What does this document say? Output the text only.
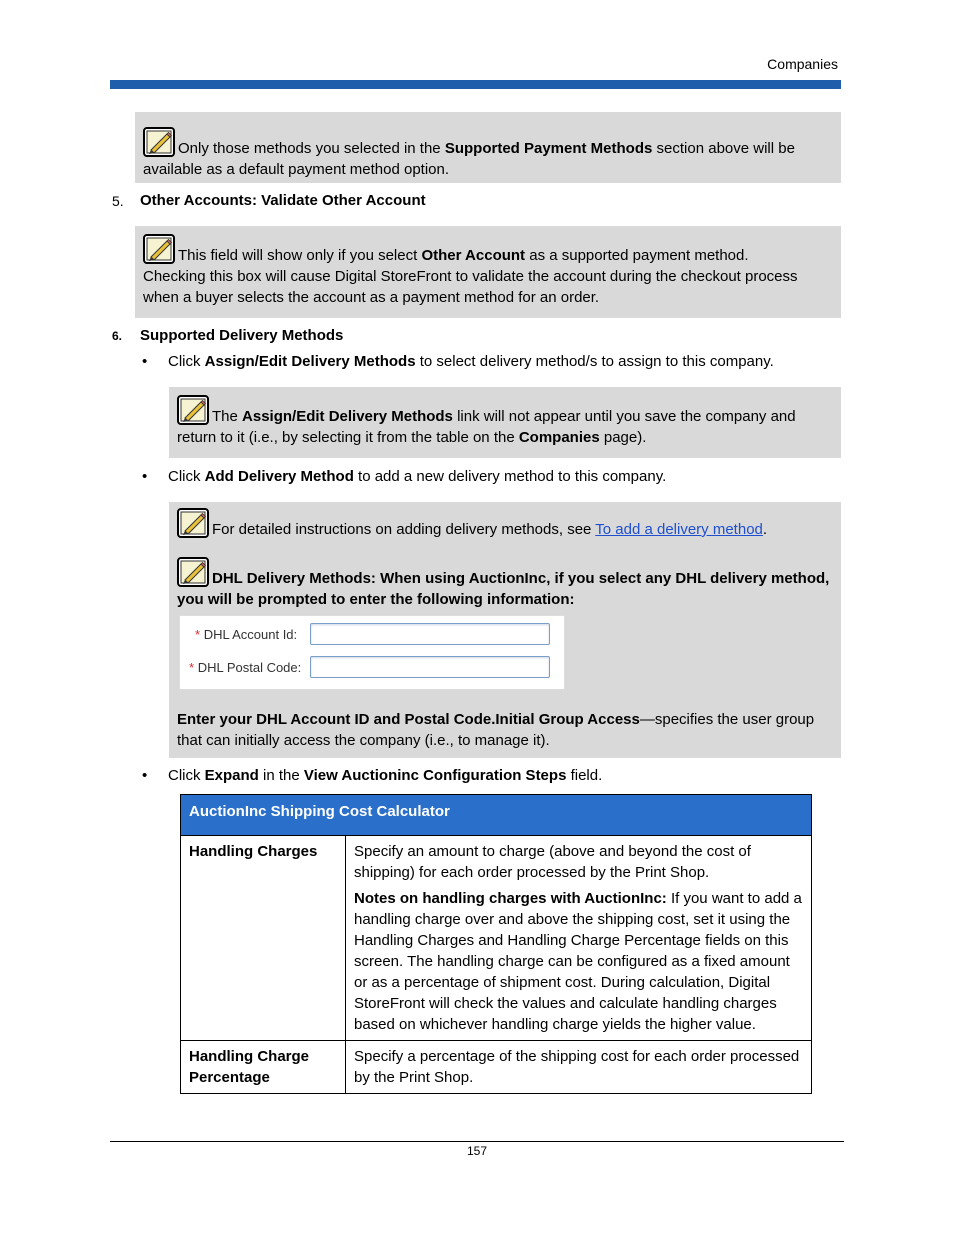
Companies
Only those methods you selected in the Supported Payment Methods section above will be
available as a default payment method option.
5. Other Accounts: Validate Other Account
This field will show only if you select Other Account as a supported payment method.
Checking this box will cause Digital StoreFront to validate the account during the checkout process
when a buyer selects the account as a payment method for an order.
6. Supported Delivery Methods
• Click Assign/Edit Delivery Methods to select delivery method/s to assign to this company.
The Assign/Edit Delivery Methods link will not appear until you save the company and
return to it (i.e., by selecting it from the table on the Companies page).
• Click Add Delivery Method to add a new delivery method to this company.
For detailed instructions on adding delivery methods, see To add a delivery method.
DHL Delivery Methods: When using AuctionInc, if you select any DHL delivery method,
you will be prompted to enter the following information:
* DHL Account Id:
* DHL Postal Code:
Enter your DHL Account ID and Postal Code.Initial Group Access—specifies the user group
that can initially access the company (i.e., to manage it).
• Click Expand in the View Auctioninc Configuration Steps field.
AuctionInc Shipping Cost Calculator	
Handling Charges	Specify an amount to charge (above and beyond the cost of shipping) for each order processed by the Print Shop.
Notes on handling charges with AuctionInc: If you want to add a handling charge over and above the shipping cost, set it using the Handling Charges and Handling Charge Percentage fields on this screen. The handling charge can be configured as a fixed amount or as a percentage of shipment cost. During calculation, Digital StoreFront will check the values and calculate handling charges based on whichever handling charge yields the higher value.

Handling Charge Percentage	Specify a percentage of the shipping cost for each order processed by the Print Shop.
157
